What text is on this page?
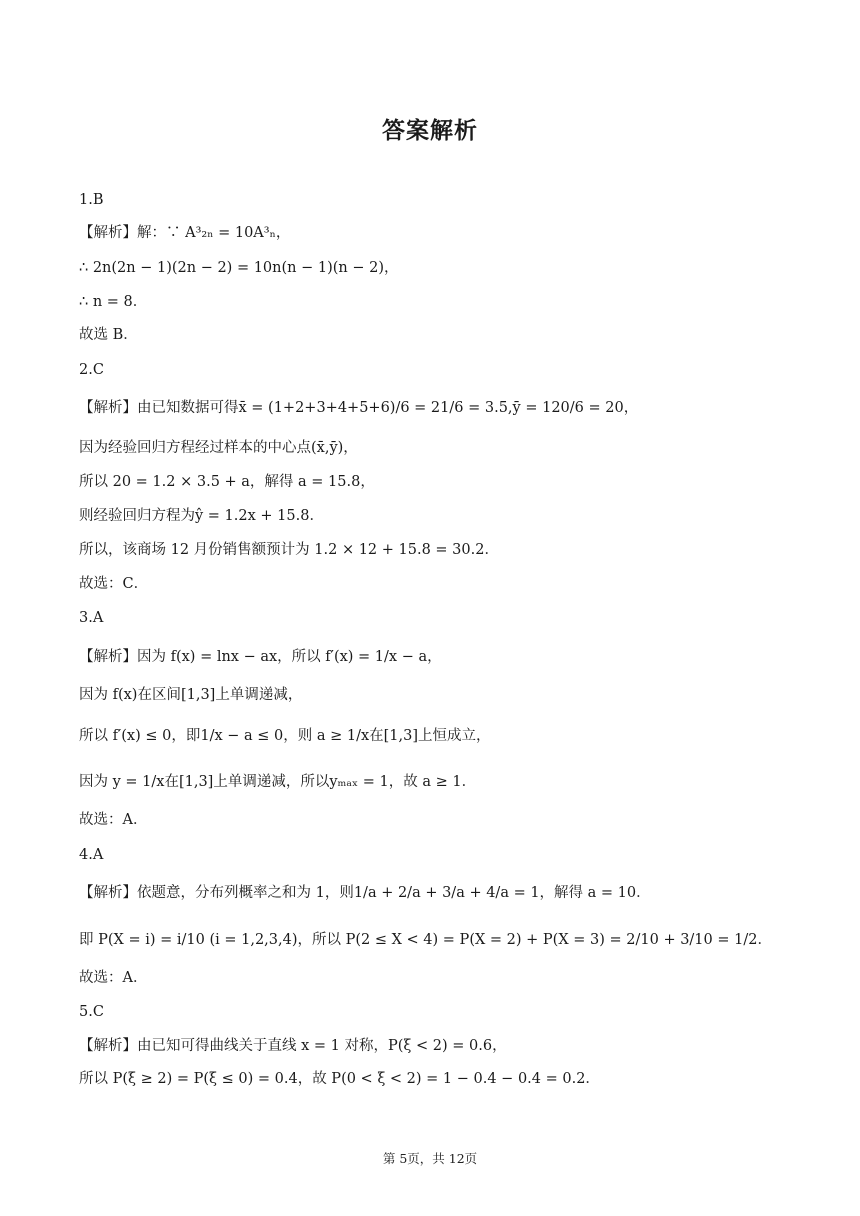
答案解析
1.B
【解析】解：∵ A³₂ₙ = 10A³ₙ，
∴ 2n(2n − 1)(2n − 2) = 10n(n − 1)(n − 2)，
∴ n = 8．
故选 B．
2.C
【解析】由已知数据可得x̄ = (1+2+3+4+5+6)/6 = 21/6 = 3.5,ȳ = 120/6 = 20，
因为经验回归方程经过样本的中心点(x̄,ȳ)，
所以 20 = 1.2 × 3.5 + a，解得 a = 15.8，
则经验回归方程为ŷ = 1.2x + 15.8．
所以，该商场 12 月份销售额预计为 1.2 × 12 + 15.8 = 30.2．
故选：C．
3.A
【解析】因为 f(x) = lnx − ax，所以 f′(x) = 1/x − a，
因为 f(x)在区间[1,3]上单调递减，
所以 f′(x) ≤ 0，即1/x − a ≤ 0，则 a ≥ 1/x在[1,3]上恒成立，
因为 y = 1/x在[1,3]上单调递减，所以yₘₐₓ = 1，故 a ≥ 1．
故选：A．
4.A
【解析】依题意，分布列概率之和为 1，则1/a + 2/a + 3/a + 4/a = 1，解得 a = 10．
即 P(X = i) = i/10 (i = 1,2,3,4)，所以 P(2 ≤ X < 4) = P(X = 2) + P(X = 3) = 2/10 + 3/10 = 1/2．
故选：A．
5.C
【解析】由已知可得曲线关于直线 x = 1 对称，P(ξ < 2) = 0.6，
所以 P(ξ ≥ 2) = P(ξ ≤ 0) = 0.4，故 P(0 < ξ < 2) = 1 − 0.4 − 0.4 = 0.2．
第 5页，共 12页
